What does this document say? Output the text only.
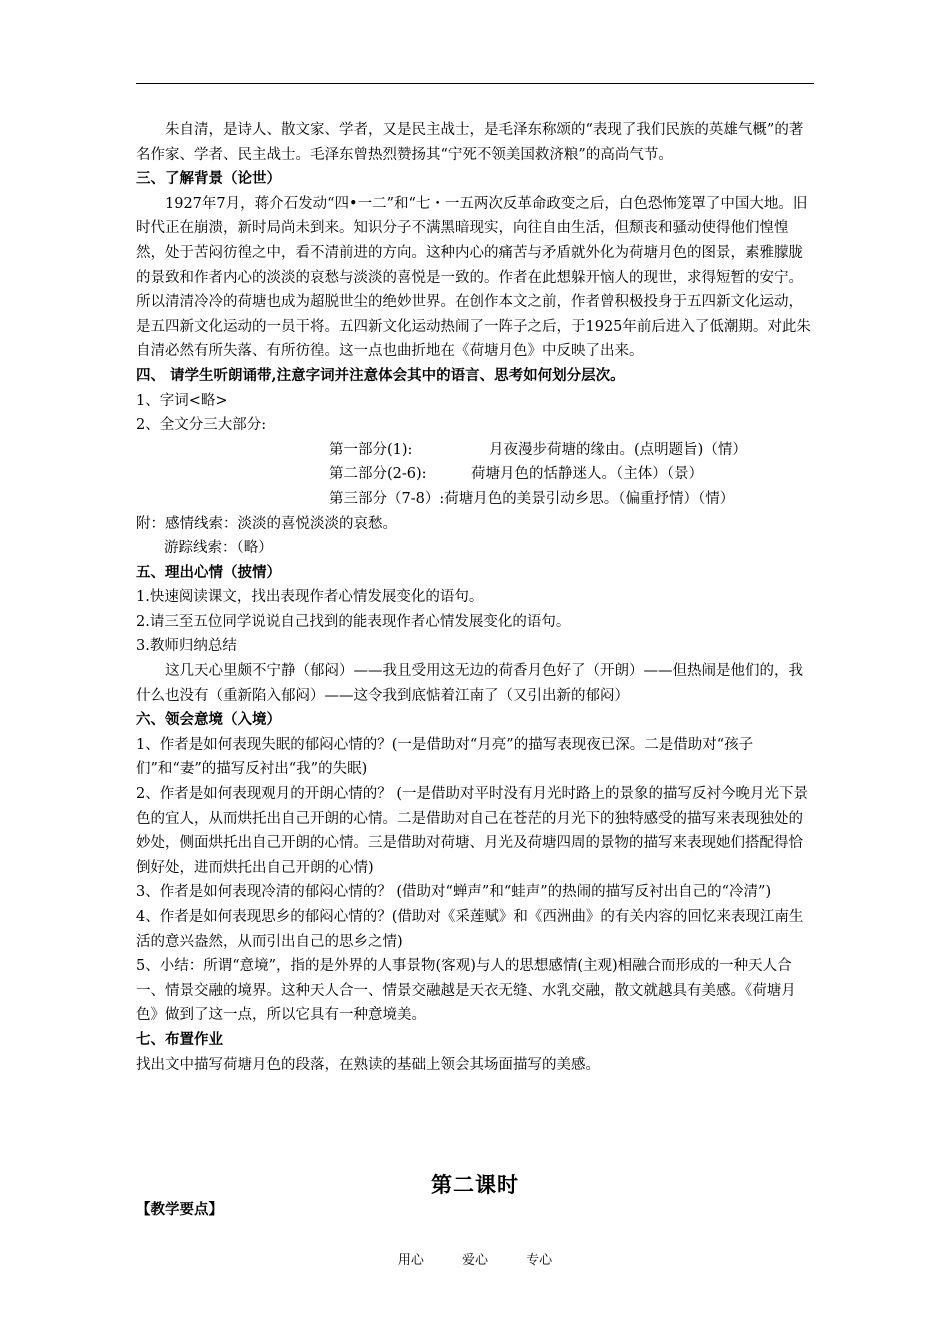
朱自清，是诗人、散文家、学者，又是民主战士，是毛泽东称颂的“表现了我们民族的英雄气概”的著名作家、学者、民主战士。毛泽东曾热烈赞扬其“宁死不领美国救济粮”的高尚气节。

三、了解背景（论世）

1927年7月，蒋介石发动“四•一二”和“七・一五两次反革命政变之后，白色恐怖笼罩了中国大地。旧时代正在崩溃，新时局尚未到来。知识分子不满黑暗现实，向往自由生活，但颓丧和骚动使得他们惶惶然，处于苦闷彷徨之中，看不清前进的方向。这种内心的痛苦与矛盾就外化为荷塘月色的图景，素雅朦胧的景致和作者内心的淡淡的哀愁与淡淡的喜悦是一致的。作者在此想躲开恼人的现世，求得短暂的安宁。所以清清冷冷的荷塘也成为超脱世尘的绝妙世界。在创作本文之前，作者曾积极投身于五四新文化运动，是五四新文化运动的一员干将。五四新文化运动热闹了一阵子之后，于1925年前后进入了低潮期。对此朱自清必然有所失落、有所彷徨。这一点也曲折地在《荷塘月色》中反映了出来。

四、 请学生听朗诵带,注意字词并注意体会其中的语言、思考如何划分层次。

1、字词<略>

2、全文分三大部分:

第一部分(1):	月夜漫步荷塘的缘由。(点明题旨)（情）
第二部分(2-6):	荷塘月色的恬静迷人。（主体）（景）
第三部分（7-8）: 荷塘月色的美景引动乡思。（偏重抒情）（情）

附：感情线索：淡淡的喜悦淡淡的哀愁。

游踪线索：（略）

五、理出心情（披情）

1.快速阅读课文，找出表现作者心情发展变化的语句。

2.请三至五位同学说说自己找到的能表现作者心情发展变化的语句。

3.教师归纳总结

这几天心里颇不宁静（郁闷）——我且受用这无边的荷香月色好了（开朗）——但热闹是他们的，我什么也没有（重新陷入郁闷）——这令我到底惦着江南了（又引出新的郁闷）

六、领会意境（入境）

1、作者是如何表现失眠的郁闷心情的？(一是借助对“月亮”的描写表现夜已深。二是借助对“孩子们”和“妻”的描写反衬出“我”的失眠)

2、作者是如何表现观月的开朗心情的？ (一是借助对平时没有月光时路上的景象的描写反衬今晚月光下景色的宜人，从而烘托出自己开朗的心情。二是借助对自己在苍茫的月光下的独特感受的描写来表现独处的妙处，侧面烘托出自己开朗的心情。三是借助对荷塘、月光及荷塘四周的景物的描写来表现她们搭配得恰倒好处，进而烘托出自己开朗的心情)

3、作者是如何表现冷清的郁闷心情的？ (借助对“蝉声”和“蛙声”的热闹的描写反衬出自己的“冷清”)

4、作者是如何表现思乡的郁闷心情的？(借助对《采莲赋》和《西洲曲》的有关内容的回忆来表现江南生活的意兴盎然，从而引出自己的思乡之情)

5、小结：所谓“意境”，指的是外界的人事景物(客观)与人的思想感情(主观)相融合而形成的一种天人合一、情景交融的境界。这种天人合一、情景交融越是天衣无缝、水乳交融，散文就越具有美感。《荷塘月色》做到了这一点，所以它具有一种意境美。

七、布置作业

找出文中描写荷塘月色的段落，在熟读的基础上领会其场面描写的美感。

第二课时
【教学要点】
用心	爱心	专心
